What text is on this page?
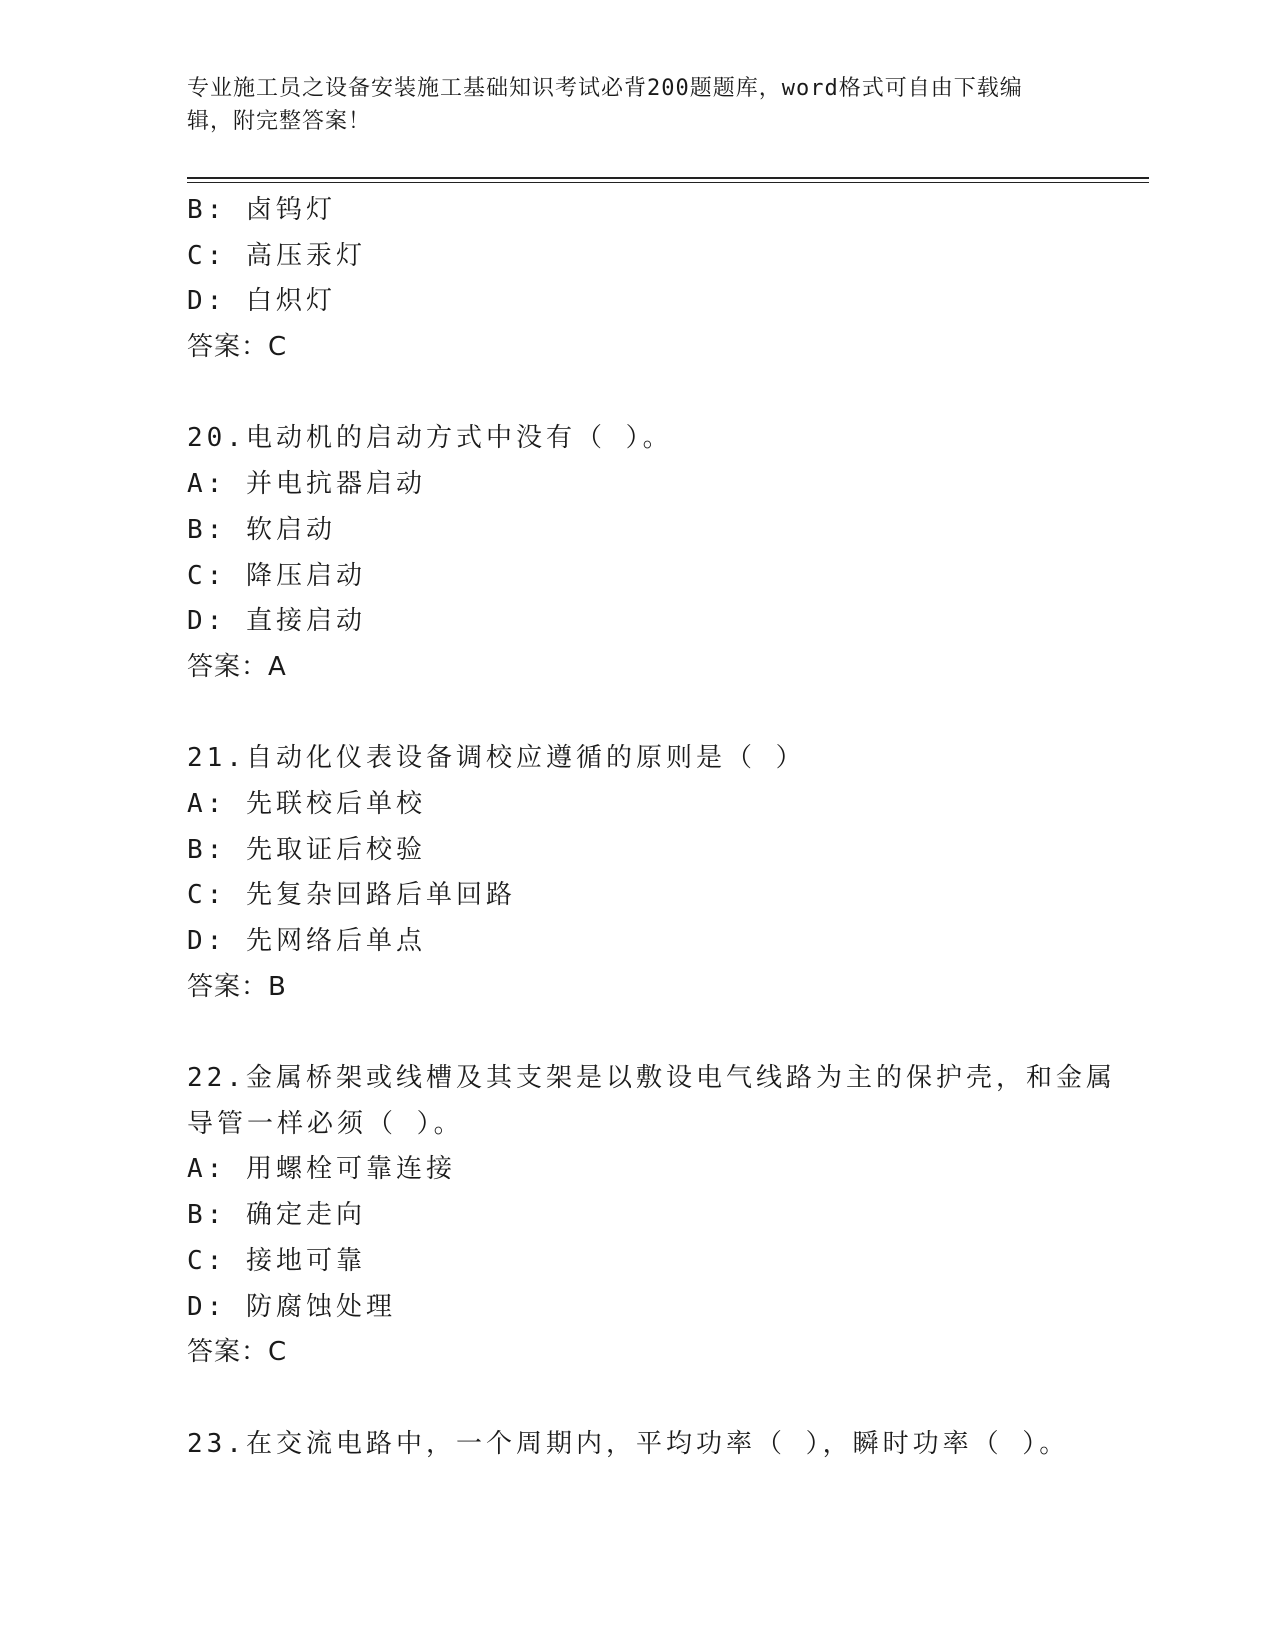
专业施工员之设备安装施工基础知识考试必背200题题库，word格式可自由下载编辑，附完整答案！
B: 卤钨灯
C: 高压汞灯
D: 白炽灯
答案：C
20.电动机的启动方式中没有（ ）。
A: 并电抗器启动
B: 软启动
C: 降压启动
D: 直接启动
答案：A
21.自动化仪表设备调校应遵循的原则是（ ）
A: 先联校后单校
B: 先取证后校验
C: 先复杂回路后单回路
D: 先网络后单点
答案：B
22.金属桥架或线槽及其支架是以敷设电气线路为主的保护壳，和金属
导管一样必须（ ）。
A: 用螺栓可靠连接
B: 确定走向
C: 接地可靠
D: 防腐蚀处理
答案：C
23.在交流电路中，一个周期内，平均功率（ ），瞬时功率（ ）。
